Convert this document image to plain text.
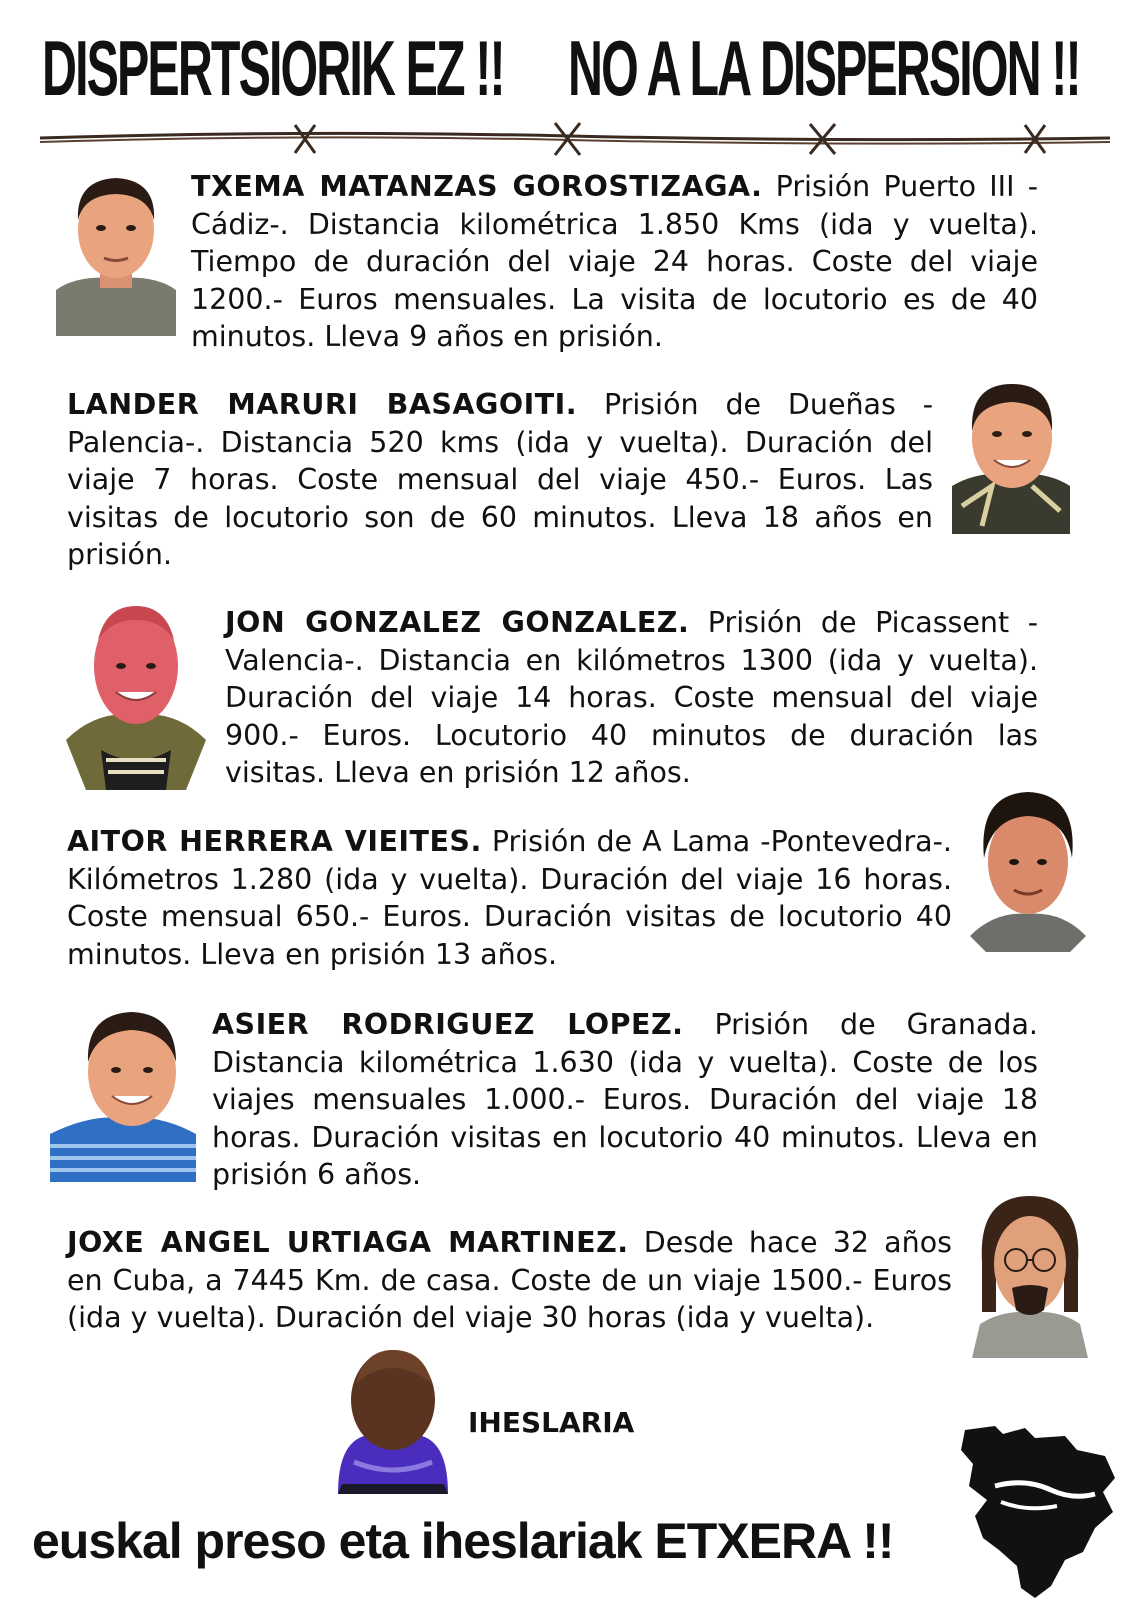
DISPERTSIORIK EZ !! NO A LA DISPERSION !!
TXEMA MATANZAS GOROSTIZAGA. Prisión Puerto III -Cádiz-. Distancia kilométrica 1.850 Kms (ida y vuelta). Tiempo de duración del viaje 24 horas. Coste del viaje 1200.- Euros mensuales. La visita de locutorio es de 40 minutos. Lleva 9 años en prisión.
LANDER MARURI BASAGOITI. Prisión de Dueñas -Palencia-. Distancia 520 kms (ida y vuelta). Duración del viaje 7 horas. Coste mensual del viaje 450.- Euros. Las visitas de locutorio son de 60 minutos. Lleva 18 años en prisión.
JON GONZALEZ GONZALEZ. Prisión de Picassent -Valencia-. Distancia en kilómetros 1300 (ida y vuelta). Duración del viaje 14 horas. Coste mensual del viaje 900.- Euros. Locutorio 40 minutos de duración las visitas. Lleva en prisión 12 años.
AITOR HERRERA VIEITES. Prisión de A Lama -Pontevedra-. Kilómetros 1.280 (ida y vuelta). Duración del viaje 16 horas. Coste mensual 650.- Euros. Duración visitas de locutorio 40 minutos. Lleva en prisión 13 años.
ASIER RODRIGUEZ LOPEZ. Prisión de Granada. Distancia kilométrica 1.630 (ida y vuelta). Coste de los viajes mensuales 1.000.- Euros. Duración del viaje 18 horas. Duración visitas en locutorio 40 minutos. Lleva en prisión 6 años.
JOXE ANGEL URTIAGA MARTINEZ. Desde hace 32 años en Cuba, a 7445 Km. de casa. Coste de un viaje 1500.- Euros (ida y vuelta). Duración del viaje 30 horas (ida y vuelta).
IHESLARIA
euskal preso eta iheslariak ETXERA !!
